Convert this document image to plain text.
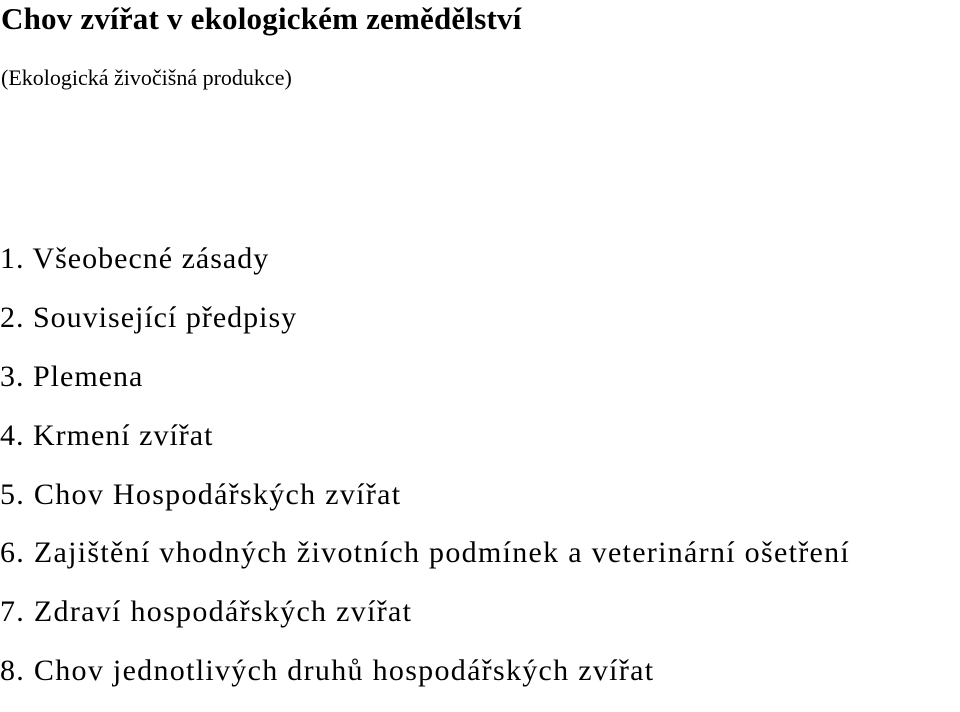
Chov zvířat v ekologickém zemědělství

(Ekologická živočišná produkce)

1. Všeobecné zásady
2. Související předpisy
3. Plemena
4. Krmení zvířat
5. Chov Hospodářských zvířat
6. Zajištění vhodných životních podmínek a veterinární ošetření
7. Zdraví hospodářských zvířat
8. Chov jednotlivých druhů hospodářských zvířat
